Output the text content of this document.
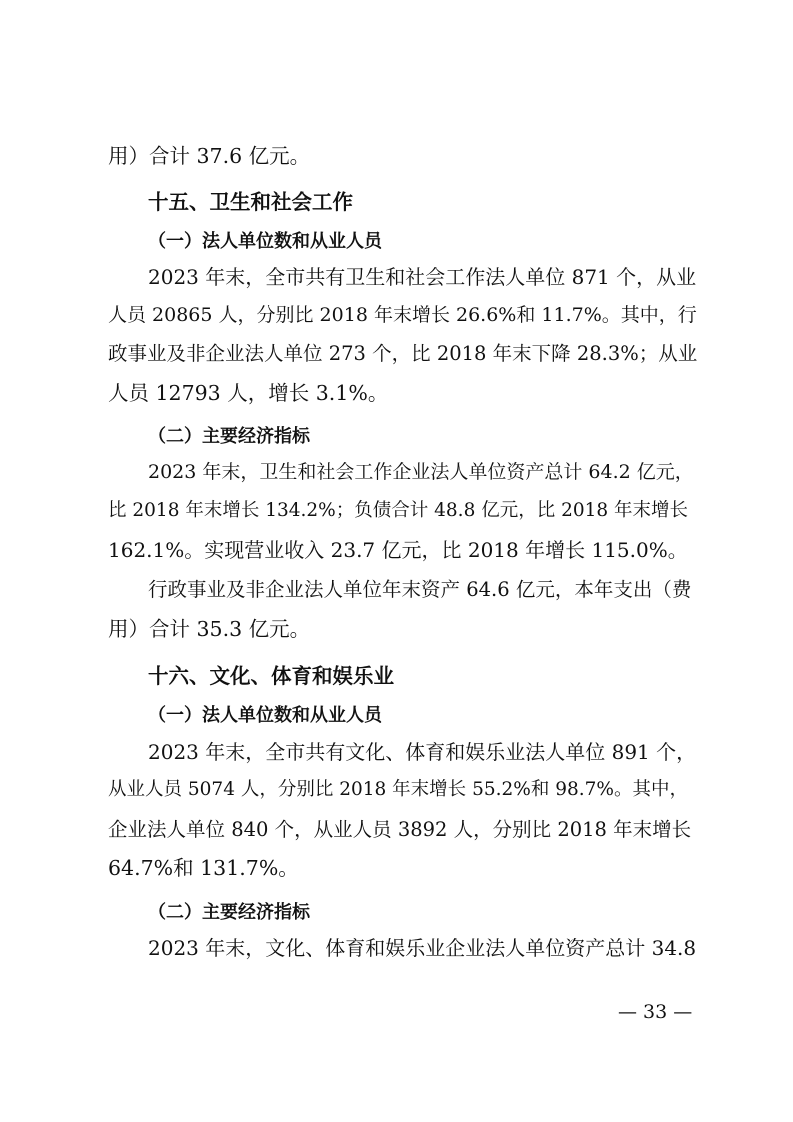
用）合计 37.6 亿元。

十五、卫生和社会工作

（一）法人单位数和从业人员

2023 年末，全市共有卫生和社会工作法人单位 871 个，从业

人员 20865 人，分别比 2018 年末增长 26.6%和 11.7%。其中，行

政事业及非企业法人单位 273 个，比 2018 年末下降 28.3%；从业

人员 12793 人，增长 3.1%。

（二）主要经济指标

2023 年末，卫生和社会工作企业法人单位资产总计 64.2 亿元，

比 2018 年末增长 134.2%；负债合计 48.8 亿元，比 2018 年末增长

162.1%。实现营业收入 23.7 亿元，比 2018 年增长 115.0%。

行政事业及非企业法人单位年末资产 64.6 亿元，本年支出（费

用）合计 35.3 亿元。

十六、文化、体育和娱乐业

（一）法人单位数和从业人员

2023 年末，全市共有文化、体育和娱乐业法人单位 891 个，

从业人员 5074 人，分别比 2018 年末增长 55.2%和 98.7%。其中，

企业法人单位 840 个，从业人员 3892 人，分别比 2018 年末增长

64.7%和 131.7%。

（二）主要经济指标

2023 年末，文化、体育和娱乐业企业法人单位资产总计 34.8

— 33 —
